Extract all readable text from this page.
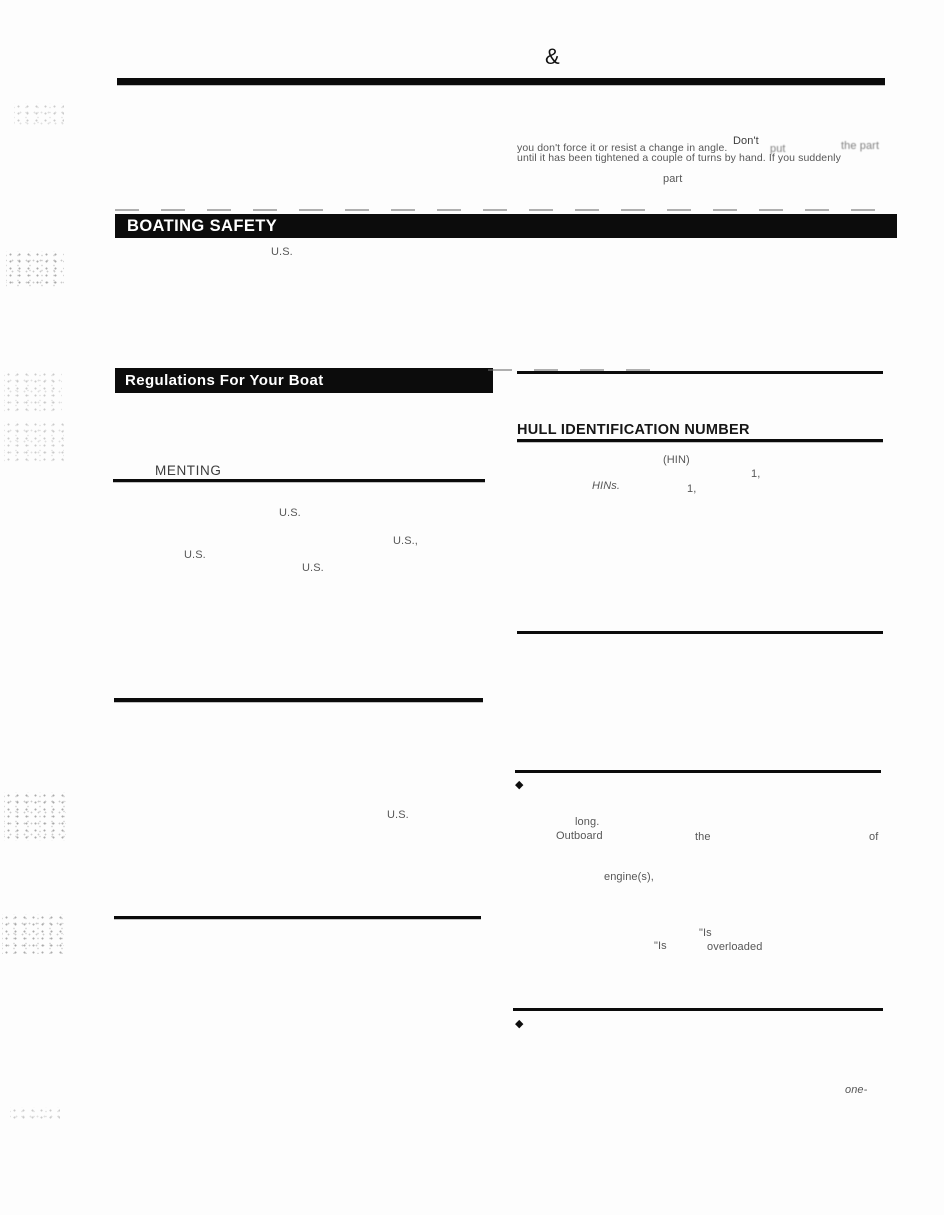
&
you don't force it or resist a change in angle.
Don't
put	the part
until it has been tightened a couple of turns by hand. If you suddenly
part
BOATING SAFETY
U.S.
Regulations For Your Boat
MENTING
HULL IDENTIFICATION NUMBER
(HIN)
1,
HINs.	1,
U.S.
U.S.,
U.S.
U.S.
U.S.
◆
long.
Outboard	the	of
engine(s),
"Is
"Is	overloaded
◆
one-
